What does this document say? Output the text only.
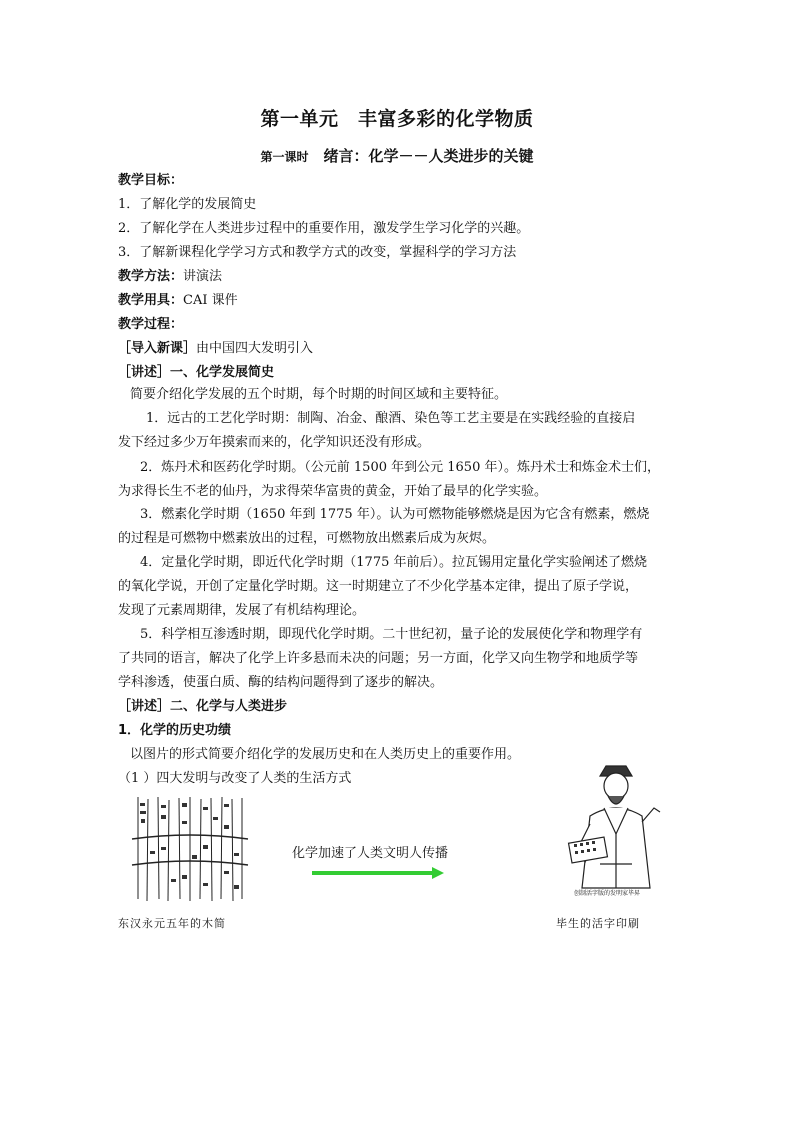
第一单元　丰富多彩的化学物质
第一课时　 绪言：化学－－人类进步的关键
教学目标：
1．了解化学的发展简史
2．了解化学在人类进步过程中的重要作用，激发学生学习化学的兴趣。
3．了解新课程化学学习方式和教学方式的改变，掌握科学的学习方法
教学方法：讲演法
教学用具：CAI 课件
教学过程：
［导入新课］由中国四大发明引入
［讲述］一、化学发展简史
简要介绍化学发展的五个时期，每个时期的时间区域和主要特征。
1．远古的工艺化学时期：制陶、冶金、酿酒、染色等工艺主要是在实践经验的直接启
发下经过多少万年摸索而来的，化学知识还没有形成。
2．炼丹术和医药化学时期。（公元前 1500 年到公元 1650 年）。炼丹术士和炼金术士们，
为求得长生不老的仙丹，为求得荣华富贵的黄金，开始了最早的化学实验。
3．燃素化学时期（1650 年到 1775 年）。认为可燃物能够燃烧是因为它含有燃素，燃烧
的过程是可燃物中燃素放出的过程，可燃物放出燃素后成为灰烬。
4．定量化学时期，即近代化学时期（1775 年前后）。拉瓦锡用定量化学实验阐述了燃烧
的氧化学说，开创了定量化学时期。这一时期建立了不少化学基本定律，提出了原子学说，
发现了元素周期律，发展了有机结构理论。
5．科学相互渗透时期，即现代化学时期。二十世纪初，量子论的发展使化学和物理学有
了共同的语言，解决了化学上许多悬而未决的问题；另一方面，化学又向生物学和地质学等
学科渗透，使蛋白质、酶的结构问题得到了逐步的解决。
［讲述］二、化学与人类进步
1．化学的历史功绩
以图片的形式简要介绍化学的发展历史和在人类历史上的重要作用。
（1 ）四大发明与改变了人类的生活方式
化学加速了人类文明人传播
创制活字版的发明家毕昇
东汉永元五年的木简	毕生的活字印刷
